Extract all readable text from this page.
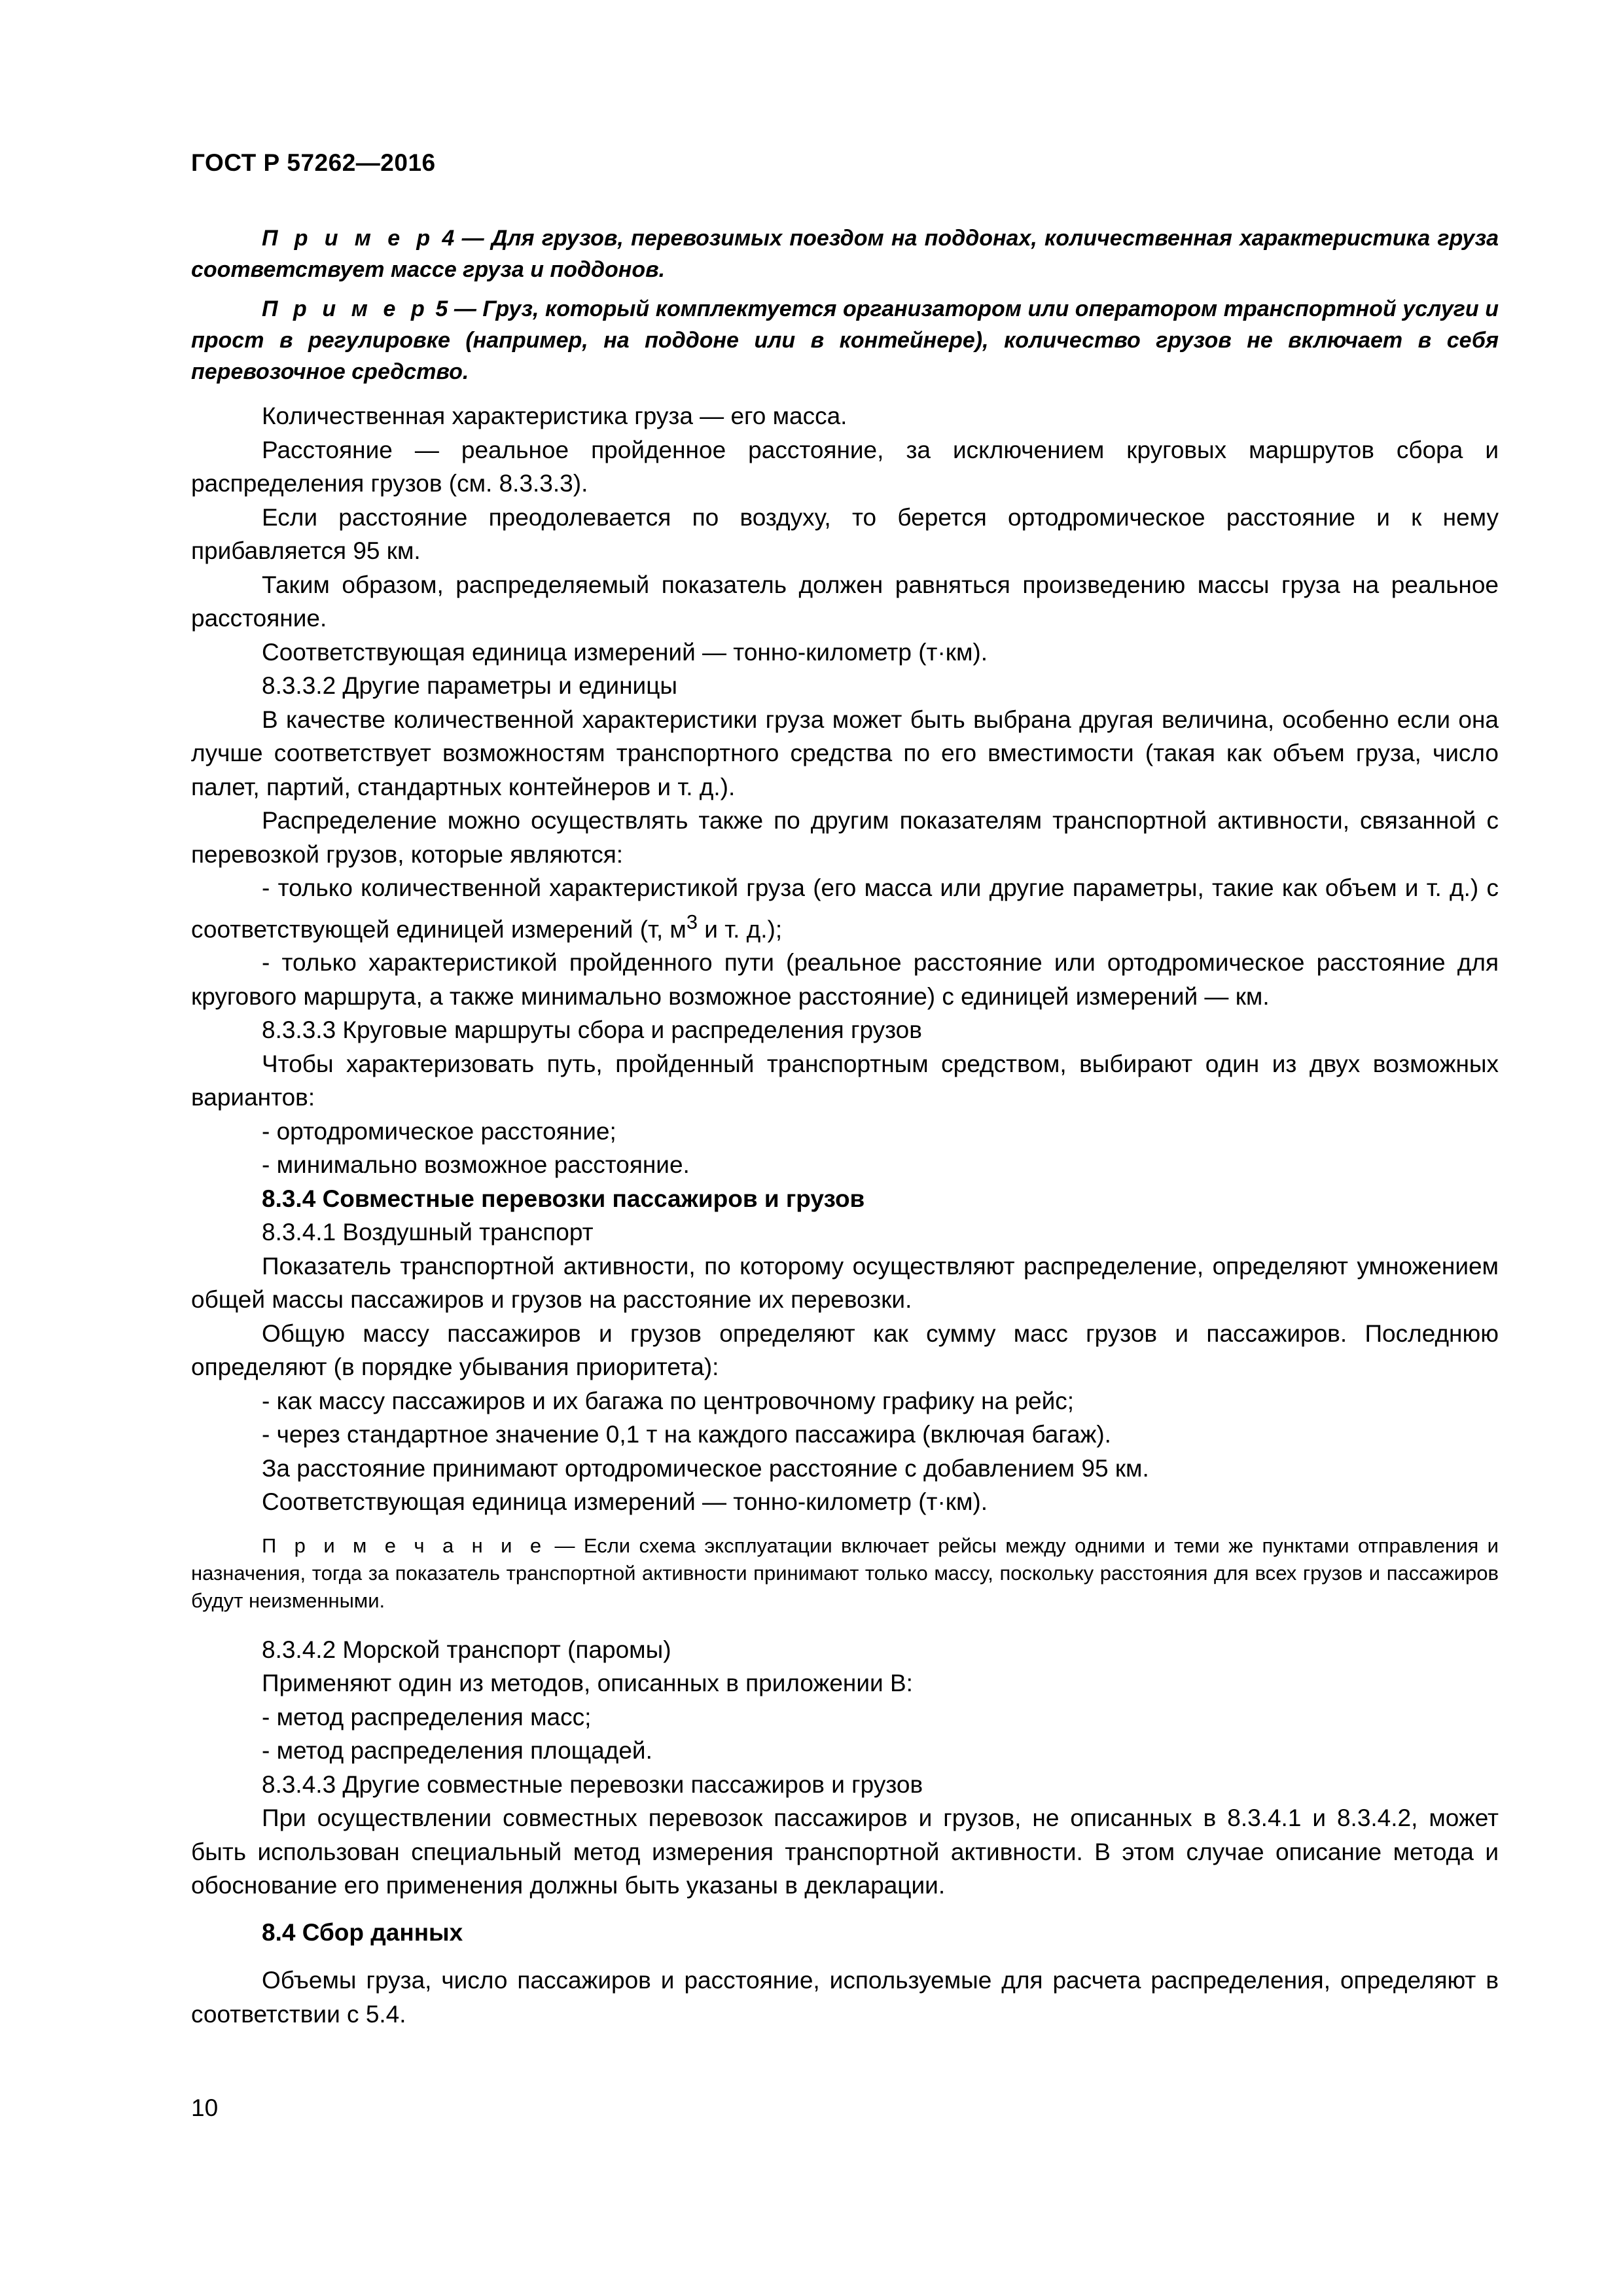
ГОСТ Р 57262—2016

П р и м е р 4 — Для грузов, перевозимых поездом на поддонах, количественная характеристика груза соответствует массе груза и поддонов.

П р и м е р 5 — Груз, который комплектуется организатором или оператором транспортной услуги и прост в регулировке (например, на поддоне или в контейнере), количество грузов не включает в себя перевозочное средство.

Количественная характеристика груза — его масса.

Расстояние — реальное пройденное расстояние, за исключением круговых маршрутов сбора и распределения грузов (см. 8.3.3.3).

Если расстояние преодолевается по воздуху, то берется ортодромическое расстояние и к нему прибавляется 95 км.

Таким образом, распределяемый показатель должен равняться произведению массы груза на реальное расстояние.

Соответствующая единица измерений — тонно-километр (т·км).

8.3.3.2 Другие параметры и единицы

В качестве количественной характеристики груза может быть выбрана другая величина, особенно если она лучше соответствует возможностям транспортного средства по его вместимости (такая как объем груза, число палет, партий, стандартных контейнеров и т. д.).

Распределение можно осуществлять также по другим показателям транспортной активности, связанной с перевозкой грузов, которые являются:

- только количественной характеристикой груза (его масса или другие параметры, такие как объем и т. д.) с соответствующей единицей измерений (т, $м^3$ и т. д.);

- только характеристикой пройденного пути (реальное расстояние или ортодромическое расстояние для кругового маршрута, а также минимально возможное расстояние) с единицей измерений — км.

8.3.3.3 Круговые маршруты сбора и распределения грузов

Чтобы характеризовать путь, пройденный транспортным средством, выбирают один из двух возможных вариантов:

- ортодромическое расстояние;

- минимально возможное расстояние.

8.3.4 Совместные перевозки пассажиров и грузов

8.3.4.1 Воздушный транспорт

Показатель транспортной активности, по которому осуществляют распределение, определяют умножением общей массы пассажиров и грузов на расстояние их перевозки.

Общую массу пассажиров и грузов определяют как сумму масс грузов и пассажиров. Последнюю определяют (в порядке убывания приоритета):

- как массу пассажиров и их багажа по центровочному графику на рейс;

- через стандартное значение 0,1 т на каждого пассажира (включая багаж).

За расстояние принимают ортодромическое расстояние с добавлением 95 км.

Соответствующая единица измерений — тонно-километр (т·км).

П р и м е ч а н и е — Если схема эксплуатации включает рейсы между одними и теми же пунктами отправления и назначения, тогда за показатель транспортной активности принимают только массу, поскольку расстояния для всех грузов и пассажиров будут неизменными.

8.3.4.2 Морской транспорт (паромы)

Применяют один из методов, описанных в приложении В:

- метод распределения масс;

- метод распределения площадей.

8.3.4.3 Другие совместные перевозки пассажиров и грузов

При осуществлении совместных перевозок пассажиров и грузов, не описанных в 8.3.4.1 и 8.3.4.2, может быть использован специальный метод измерения транспортной активности. В этом случае описание метода и обоснование его применения должны быть указаны в декларации.

8.4 Сбор данных

Объемы груза, число пассажиров и расстояние, используемые для расчета распределения, определяют в соответствии с 5.4.

10
